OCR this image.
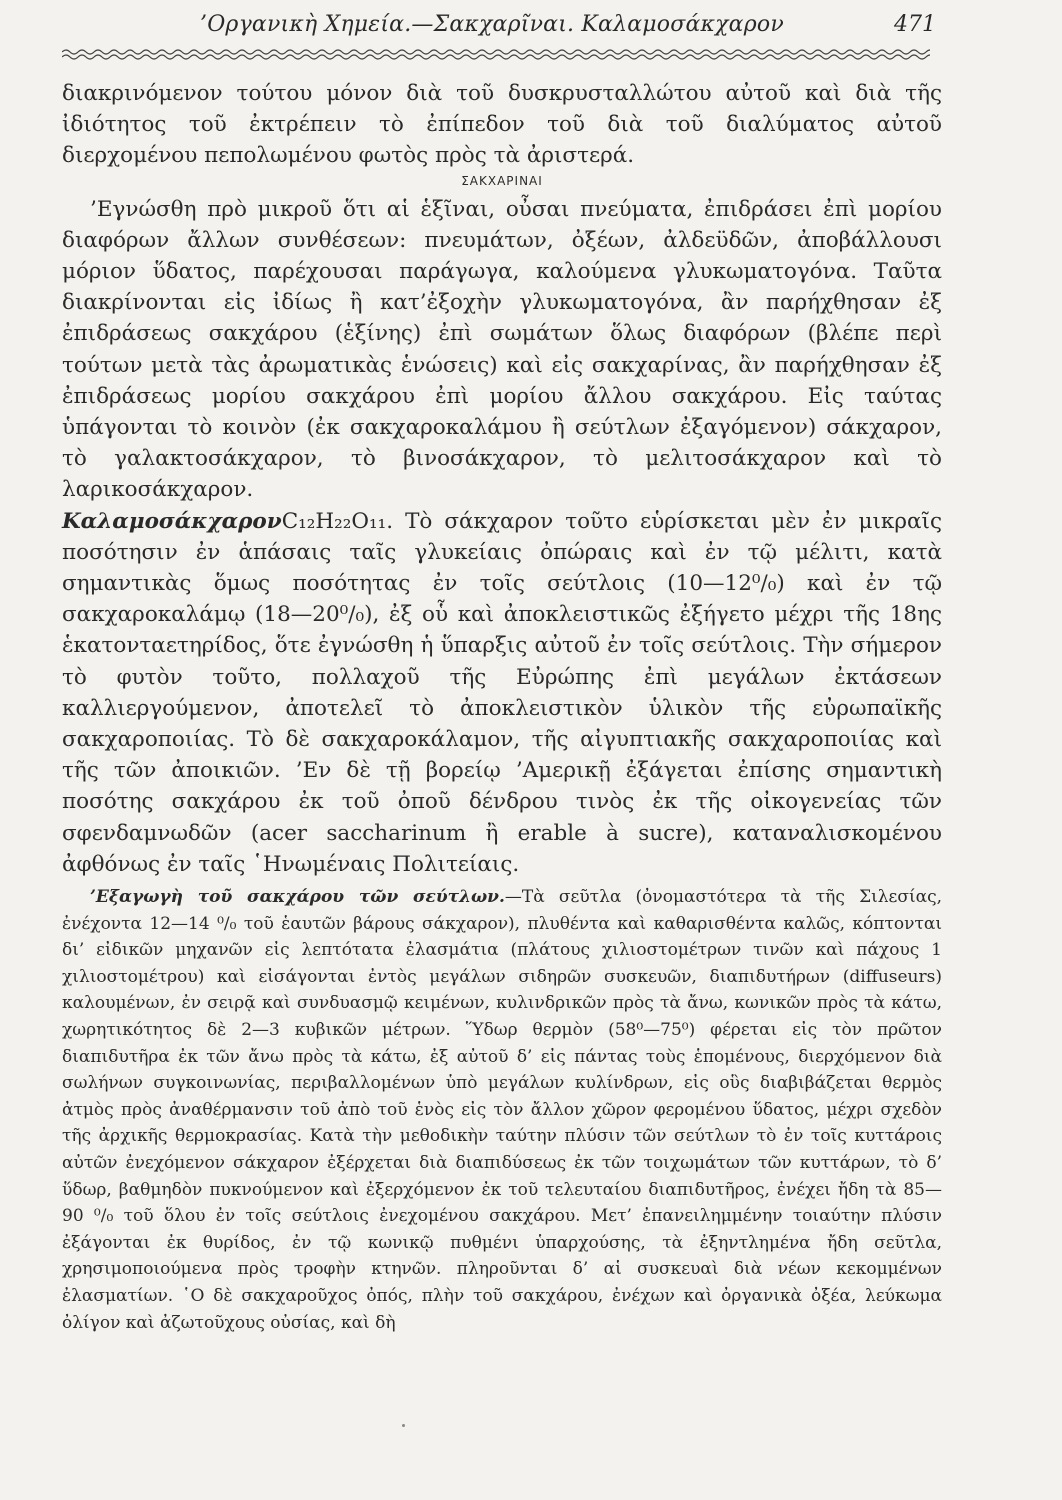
’Οργανικὴ Χημεία.—Σακχαρῖναι. Καλαμοσάκχαρον	471

διακρινόμενον τούτου μόνον διὰ τοῦ δυσκρυσταλλώτου αὐτοῦ καὶ διὰ τῆς ἰδιότητος τοῦ ἐκτρέπειν τὸ ἐπίπεδον τοῦ διὰ τοῦ διαλύματος αὐτοῦ διερχομένου πεπολωμένου φωτὸς πρὸς τὰ ἀριστερά.

ΣΑΚΧΑΡΙΝΑΙ

’Εγνώσθη πρὸ μικροῦ ὅτι αἱ ἑξῖναι, οὖσαι πνεύματα, ἐπιδράσει ἐπὶ μορίου διαφόρων ἄλλων συνθέσεων: πνευμάτων, ὀξέων, ἀλδεϋδῶν, ἀποβάλλουσι μόριον ὕδατος, παρέχουσαι παράγωγα, καλούμενα γλυκωματογόνα. Ταῦτα διακρίνονται εἰς ἰδίως ἢ κατ’ἐξοχὴν γλυκωματογόνα, ἂν παρήχθησαν ἐξ ἐπιδράσεως σακχάρου (ἑξίνης) ἐπὶ σωμάτων ὅλως διαφόρων (βλέπε περὶ τούτων μετὰ τὰς ἀρωματικὰς ἑνώσεις) καὶ εἰς σακχαρίνας, ἂν παρήχθησαν ἐξ ἐπιδράσεως μορίου σακχάρου ἐπὶ μορίου ἄλλου σακχάρου. Εἰς ταύτας ὑπάγονται τὸ κοινὸν (ἐκ σακχαροκαλάμου ἢ σεύτλων ἐξαγόμενον) σάκχαρον, τὸ γαλακτοσάκχαρον, τὸ βινοσάκχαρον, τὸ μελιτοσάκχαρον καὶ τὸ λαρικοσάκχαρον.

ΚαλαμοσάκχαρονC₁₂H₂₂O₁₁. Τὸ σάκχαρον τοῦτο εὑρίσκεται μὲν ἐν μικραῖς ποσότησιν ἐν ἁπάσαις ταῖς γλυκείαις ὀπώραις καὶ ἐν τῷ μέλιτι, κατὰ σημαντικὰς ὅμως ποσότητας ἐν τοῖς σεύτλοις (10—12⁰/₀) καὶ ἐν τῷ σακχαροκαλάμῳ (18—20⁰/₀), ἐξ οὗ καὶ ἀποκλειστικῶς ἐξήγετο μέχρι τῆς 18ης ἑκατονταετηρίδος, ὅτε ἐγνώσθη ἡ ὕπαρξις αὐτοῦ ἐν τοῖς σεύτλοις. Τὴν σήμερον τὸ φυτὸν τοῦτο, πολλαχοῦ τῆς Εὐρώπης ἐπὶ μεγάλων ἐκτάσεων καλλιεργούμενον, ἀποτελεῖ τὸ ἀποκλειστικὸν ὑλικὸν τῆς εὐρωπαϊκῆς σακχαροποιίας. Τὸ δὲ σακχαροκάλαμον, τῆς αἰγυπτιακῆς σακχαροποιίας καὶ τῆς τῶν ἀποικιῶν. ’Εν δὲ τῇ βορείῳ ’Αμερικῇ ἐξάγεται ἐπίσης σημαντικὴ ποσότης σακχάρου ἐκ τοῦ ὀποῦ δένδρου τινὸς ἐκ τῆς οἰκογενείας τῶν σφενδαμνωδῶν (acer saccharinum ἢ erable à sucre), καταναλισκομένου ἀφθόνως ἐν ταῖς ῾Ηνωμέναις Πολιτείαις.

’Εξαγωγὴ τοῦ σακχάρου τῶν σεύτλων.—Τὰ σεῦτλα (ὀνομαστότερα τὰ τῆς Σιλεσίας, ἐνέχοντα 12—14 ⁰/₀ τοῦ ἑαυτῶν βάρους σάκχαρον), πλυθέντα καὶ καθαρισθέντα καλῶς, κόπτονται δι’ εἰδικῶν μηχανῶν εἰς λεπτότατα ἐλασμάτια (πλάτους χιλιοστομέτρων τινῶν καὶ πάχους 1 χιλιοστομέτρου) καὶ εἰσάγονται ἐντὸς μεγάλων σιδηρῶν συσκευῶν, διαπιδυτήρων (diffuseurs) καλουμένων, ἐν σειρᾷ καὶ συνδυασμῷ κειμένων, κυλινδρικῶν πρὸς τὰ ἄνω, κωνικῶν πρὸς τὰ κάτω, χωρητικότητος δὲ 2—3 κυβικῶν μέτρων. Ὕδωρ θερμὸν (58⁰—75⁰) φέρεται εἰς τὸν πρῶτον διαπιδυτῆρα ἐκ τῶν ἄνω πρὸς τὰ κάτω, ἐξ αὐτοῦ δ’ εἰς πάντας τοὺς ἑπομένους, διερχόμενον διὰ σωλήνων συγκοινωνίας, περιβαλλομένων ὑπὸ μεγάλων κυλίνδρων, εἰς οὓς διαβιβάζεται θερμὸς ἀτμὸς πρὸς ἀναθέρμανσιν τοῦ ἀπὸ τοῦ ἑνὸς εἰς τὸν ἄλλον χῶρον φερομένου ὕδατος, μέχρι σχεδὸν τῆς ἀρχικῆς θερμοκρασίας. Κατὰ τὴν μεθοδικὴν ταύτην πλύσιν τῶν σεύτλων τὸ ἐν τοῖς κυττάροις αὐτῶν ἐνεχόμενον σάκχαρον ἐξέρχεται διὰ διαπιδύσεως ἐκ τῶν τοιχωμάτων τῶν κυττάρων, τὸ δ’ ὕδωρ, βαθμηδὸν πυκνούμενον καὶ ἐξερχόμενον ἐκ τοῦ τελευταίου διαπιδυτῆρος, ἐνέχει ἤδη τὰ 85—90 ⁰/₀ τοῦ ὅλου ἐν τοῖς σεύτλοις ἐνεχομένου σακχάρου. Μετ’ ἐπανειλημμένην τοιαύτην πλύσιν ἐξάγονται ἐκ θυρίδος, ἐν τῷ κωνικῷ πυθμένι ὑπαρχούσης, τὰ ἐξηντλημένα ἤδη σεῦτλα, χρησιμοποιούμενα πρὸς τροφὴν κτηνῶν. πληροῦνται δ’ αἱ συσκευαὶ διὰ νέων κεκομμένων ἐλασματίων. ῾Ο δὲ σακχαροῦχος ὀπός, πλὴν τοῦ σακχάρου, ἐνέχων καὶ ὀργανικὰ ὀξέα, λεύκωμα ὀλίγον καὶ ἀζωτοῦχους οὐσίας, καὶ δὴ
